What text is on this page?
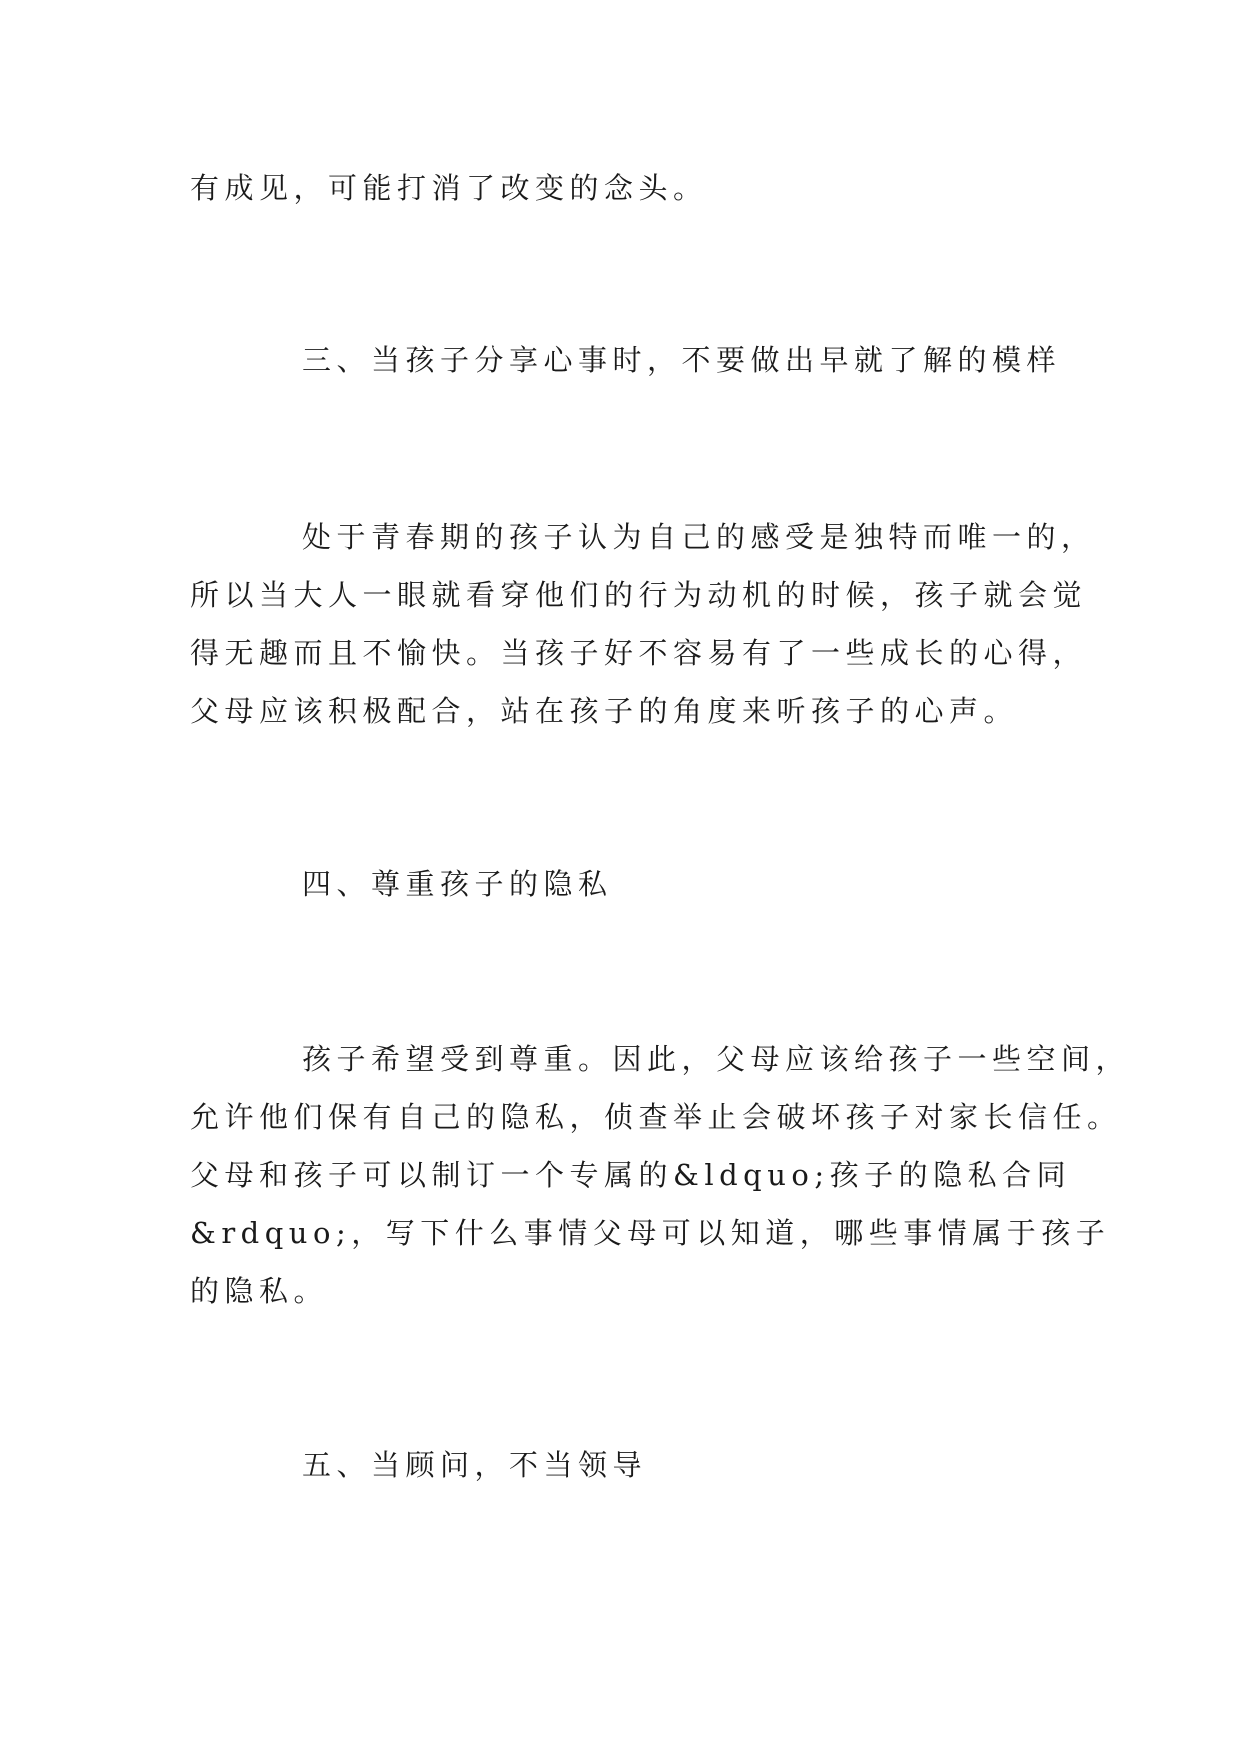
有成见，可能打消了改变的念头。
三、当孩子分享心事时，不要做出早就了解的模样
处于青春期的孩子认为自己的感受是独特而唯一的，
所以当大人一眼就看穿他们的行为动机的时候，孩子就会觉
得无趣而且不愉快。当孩子好不容易有了一些成长的心得，
父母应该积极配合，站在孩子的角度来听孩子的心声。
四、尊重孩子的隐私
孩子希望受到尊重。因此，父母应该给孩子一些空间，
允许他们保有自己的隐私，侦查举止会破坏孩子对家长信任。
父母和孩子可以制订一个专属的&ldquo;孩子的隐私合同
&rdquo;，写下什么事情父母可以知道，哪些事情属于孩子
的隐私。
五、当顾问，不当领导
